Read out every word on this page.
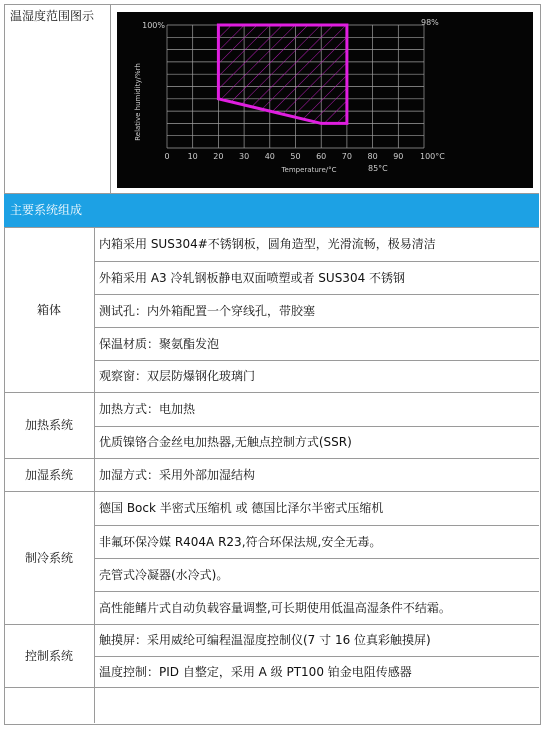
温湿度范围图示
0 10 20 30 40 50 60 70 80 90 100°C
100%
Relative humidity/%rh
Temperature/°C
98%
85°C
主要系统组成
内箱采用 SUS304#不锈钢板，圆角造型，光滑流畅，极易清洁
外箱采用 A3 冷轧钢板静电双面喷塑或者 SUS304 不锈钢
测试孔：内外箱配置一个穿线孔，带胶塞
保温材质：聚氨酯发泡
观察窗：双层防爆钢化玻璃门
箱体
加热方式：电加热
优质镍铬合金丝电加热器,无触点控制方式(SSR)
加热系统
加湿方式：采用外部加湿结构
加湿系统
德国 Bock 半密式压缩机 或 德国比泽尔半密式压缩机
非氟环保冷媒 R404A R23,符合环保法规,安全无毒。
壳管式冷凝器(水冷式)。
高性能鳍片式自动负载容量调整,可长期使用低温高湿条件不结霜。
制冷系统
触摸屏：采用威纶可编程温湿度控制仪(7 寸 16 位真彩触摸屏)
温度控制：PID 自整定，采用 A 级 PT100 铂金电阻传感器
控制系统
